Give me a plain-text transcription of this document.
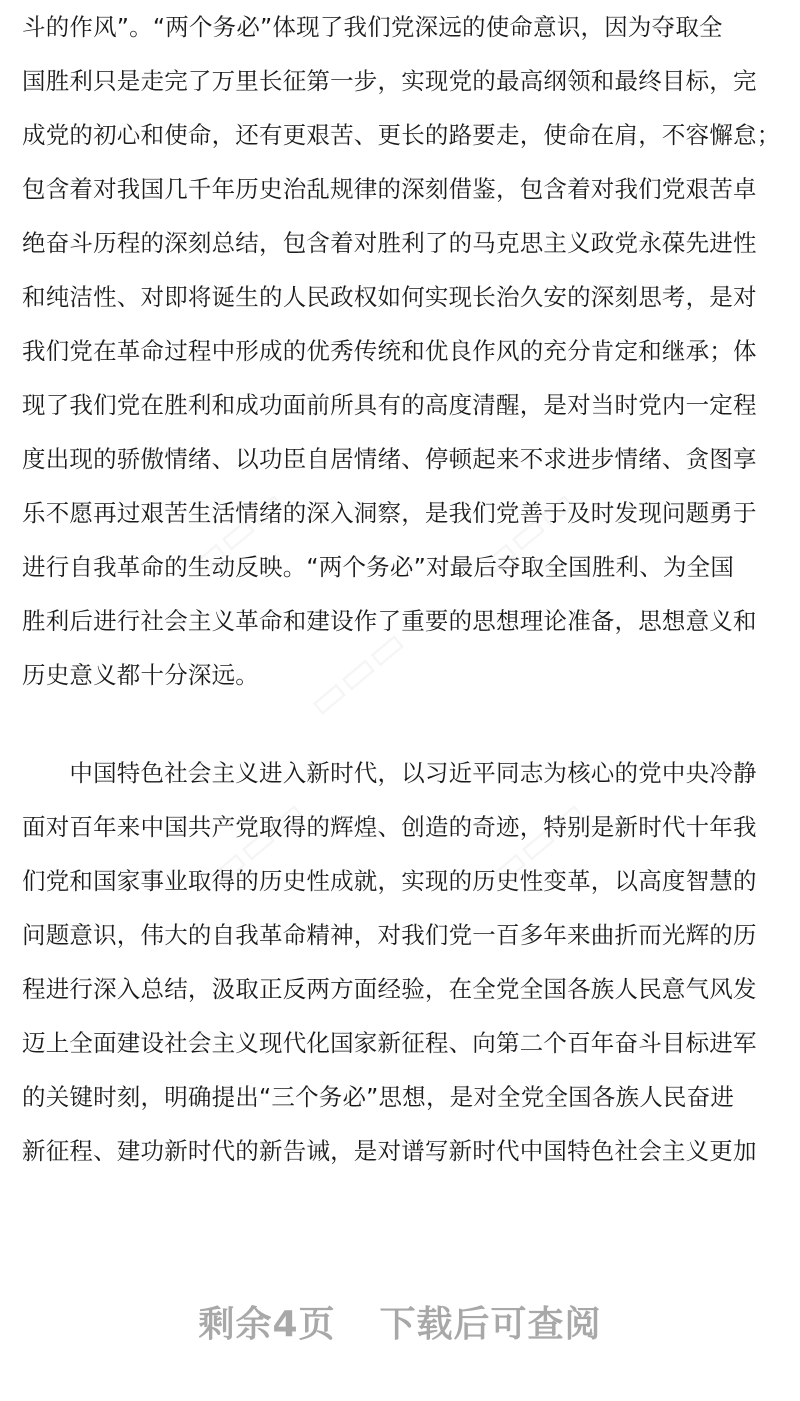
▭▭▭	▭▭▭
▭▭▭
▭▭▭	▭▭▭
斗的作风”。“两个务必”体现了我们党深远的使命意识，因为夺取全
国胜利只是走完了万里长征第一步，实现党的最高纲领和最终目标，完
成党的初心和使命，还有更艰苦、更长的路要走，使命在肩，不容懈怠；
包含着对我国几千年历史治乱规律的深刻借鉴，包含着对我们党艰苦卓
绝奋斗历程的深刻总结，包含着对胜利了的马克思主义政党永葆先进性
和纯洁性、对即将诞生的人民政权如何实现长治久安的深刻思考，是对
我们党在革命过程中形成的优秀传统和优良作风的充分肯定和继承；体
现了我们党在胜利和成功面前所具有的高度清醒，是对当时党内一定程
度出现的骄傲情绪、以功臣自居情绪、停顿起来不求进步情绪、贪图享
乐不愿再过艰苦生活情绪的深入洞察，是我们党善于及时发现问题勇于
进行自我革命的生动反映。“两个务必”对最后夺取全国胜利、为全国
胜利后进行社会主义革命和建设作了重要的思想理论准备，思想意义和
历史意义都十分深远。
　　中国特色社会主义进入新时代，以习近平同志为核心的党中央冷静
面对百年来中国共产党取得的辉煌、创造的奇迹，特别是新时代十年我
们党和国家事业取得的历史性成就，实现的历史性变革，以高度智慧的
问题意识，伟大的自我革命精神，对我们党一百多年来曲折而光辉的历
程进行深入总结，汲取正反两方面经验，在全党全国各族人民意气风发
迈上全面建设社会主义现代化国家新征程、向第二个百年奋斗目标进军
的关键时刻，明确提出“三个务必”思想，是对全党全国各族人民奋进
新征程、建功新时代的新告诫，是对谱写新时代中国特色社会主义更加
剩余4页 下载后可查阅
